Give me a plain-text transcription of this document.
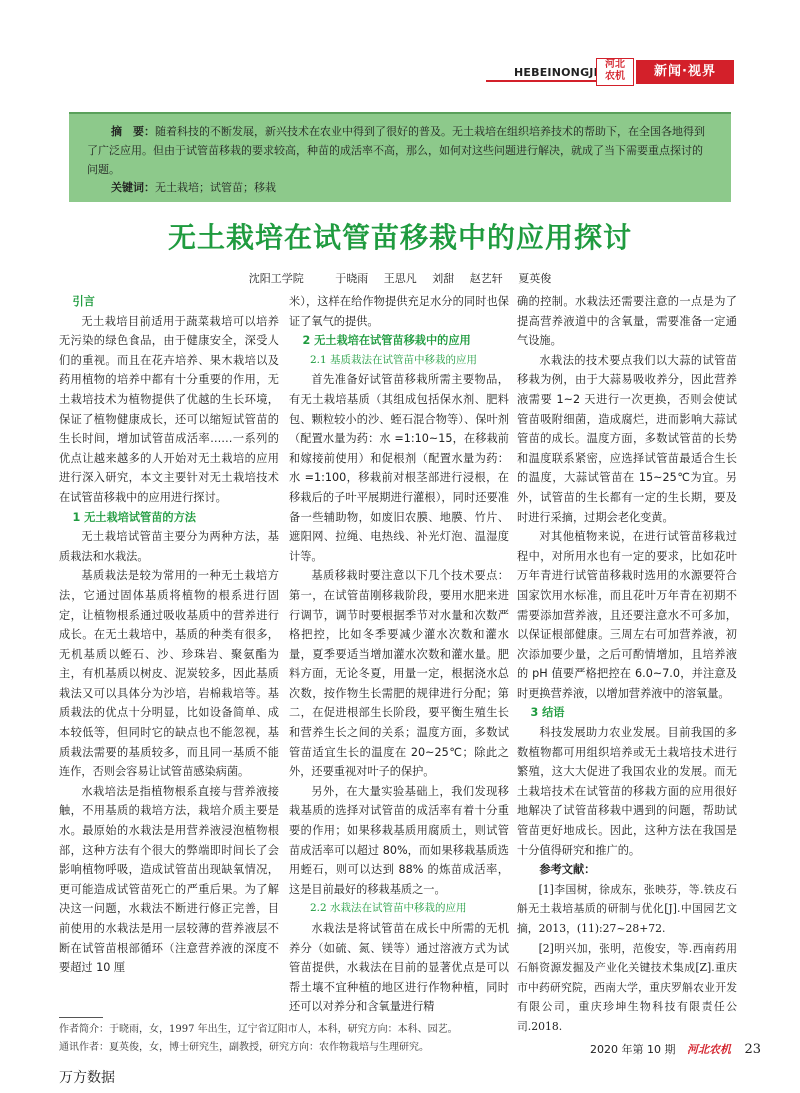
HEBEINONGJI
河北
农机	新闻·视界

摘　要：随着科技的不断发展，新兴技术在农业中得到了很好的普及。无土栽培在组织培养技术的帮助下，在全国各地得到了广泛应用。但由于试管苗移栽的要求较高，种苗的成活率不高，那么，如何对这些问题进行解决，就成了当下需要重点探讨的问题。

关键词：无土栽培；试管苗；移栽

无土栽培在试管苗移栽中的应用探讨
沈阳工学院	于晓雨 王思凡 刘甜 赵艺轩 夏英俊

引言

无土栽培目前适用于蔬菜栽培可以培养无污染的绿色食品，由于健康安全，深受人们的重视。而且在花卉培养、果木栽培以及药用植物的培养中都有十分重要的作用，无土栽培技术为植物提供了优越的生长环境，保证了植物健康成长，还可以缩短试管苗的生长时间，增加试管苗成活率……一系列的优点让越来越多的人开始对无土栽培的应用进行深入研究，本文主要针对无土栽培技术在试管苗移栽中的应用进行探讨。

1 无土栽培试管苗的方法

无土栽培试管苗主要分为两种方法，基质栽法和水栽法。

基质栽法是较为常用的一种无土栽培方法，它通过固体基质将植物的根系进行固定，让植物根系通过吸收基质中的营养进行成长。在无土栽培中，基质的种类有很多，无机基质以蛭石、沙、珍珠岩、聚氨酯为主，有机基质以树皮、泥炭较多，因此基质栽法又可以具体分为沙培，岩棉栽培等。基质栽法的优点十分明显，比如设备简单、成本较低等，但同时它的缺点也不能忽视，基质栽法需要的基质较多，而且同一基质不能连作，否则会容易让试管苗感染病菌。

水栽培法是指植物根系直接与营养液接触，不用基质的栽培方法，栽培介质主要是水。最原始的水栽法是用营养液浸泡植物根部，这种方法有个很大的弊端即时间长了会影响植物呼吸，造成试管苗出现缺氧情况，更可能造成试管苗死亡的严重后果。为了解决这一问题，水栽法不断进行修正完善，目前使用的水栽法是用一层较薄的营养液层不断在试管苗根部循环（注意营养液的深度不要超过 10 厘

米），这样在给作物提供充足水分的同时也保证了氧气的提供。

2 无土栽培在试管苗移栽中的应用

2.1 基质栽法在试管苗中移栽的应用

首先准备好试管苗移栽所需主要物品，有无土栽培基质（其组成包括保水剂、肥料包、颗粒较小的沙、蛭石混合物等）、保叶剂（配置水量为药：水 =1:10~15，在移栽前和嫁接前使用）和促根剂（配置水量为药：水 =1:100，移栽前对根茎部进行浸根，在移栽后的子叶平展期进行灌根），同时还要准备一些辅助物，如废旧农膜、地膜、竹片、遮阳网、拉绳、电热线、补光灯泡、温湿度计等。

基质移栽时要注意以下几个技术要点：第一，在试管苗刚移栽阶段，要用水肥来进行调节，调节时要根据季节对水量和次数严格把控，比如冬季要减少灌水次数和灌水量，夏季要适当增加灌水次数和灌水量。肥料方面，无论冬夏，用量一定，根据浇水总次数，按作物生长需肥的规律进行分配；第二，在促进根部生长阶段，要平衡生殖生长和营养生长之间的关系；温度方面，多数试管苗适宜生长的温度在 20~25℃；除此之外，还要重视对叶子的保护。

另外，在大量实验基础上，我们发现移栽基质的选择对试管苗的成活率有着十分重要的作用；如果移栽基质用腐质土，则试管苗成活率可以超过 80%，而如果移栽基质选用蛭石，则可以达到 88% 的炼苗成活率，这是目前最好的移栽基质之一。

2.2 水栽法在试管苗中移栽的应用

水栽法是将试管苗在成长中所需的无机养分（如硫、氮、镁等）通过溶液方式为试管苗提供，水栽法在目前的显著优点是可以帮土壤不宜种植的地区进行作物种植，同时还可以对养分和含氧量进行精

确的控制。水栽法还需要注意的一点是为了提高营养液道中的含氧量，需要准备一定通气设施。

水栽法的技术要点我们以大蒜的试管苗移栽为例，由于大蒜易吸收养分，因此营养液需要 1~2 天进行一次更换，否则会使试管苗吸附细菌，造成腐烂，进而影响大蒜试管苗的成长。温度方面，多数试管苗的长势和温度联系紧密，应选择试管苗最适合生长的温度，大蒜试管苗在 15~25℃为宜。另外，试管苗的生长都有一定的生长期，要及时进行采摘，过期会老化变黄。

对其他植物来说，在进行试管苗移栽过程中，对所用水也有一定的要求，比如花叶万年青进行试管苗移栽时选用的水源要符合国家饮用水标准，而且花叶万年青在初期不需要添加营养液，且还要注意水不可多加，以保证根部健康。三周左右可加营养液，初次添加要少量，之后可酌情增加，且培养液的 pH 值要严格把控在 6.0~7.0，并注意及时更换营养液，以增加营养液中的溶氧量。

3 结语

科技发展助力农业发展。目前我国的多数植物都可用组织培养或无土栽培技术进行繁殖，这大大促进了我国农业的发展。而无土栽培技术在试管苗的移栽方面的应用很好地解决了试管苗移栽中遇到的问题，帮助试管苗更好地成长。因此，这种方法在我国是十分值得研究和推广的。

参考文献：

[1]李国树，徐成东，张映芬，等.铁皮石斛无土栽培基质的研制与优化[J].中国园艺文摘，2013，(11):27~28+72.

[2]明兴加，张明，范俊安，等.西南药用石斛资源发掘及产业化关键技术集成[Z].重庆市中药研究院，西南大学，重庆罗斛农业开发有限公司，重庆珍坤生物科技有限责任公司.2018.

作者简介：于晓雨，女，1997 年出生，辽宁省辽阳市人，本科，研究方向：本科、园艺。
通讯作者：夏英俊，女，博士研究生，副教授，研究方向：农作物栽培与生理研究。	2020 年第 10 期 河北农机 23
万方数据
